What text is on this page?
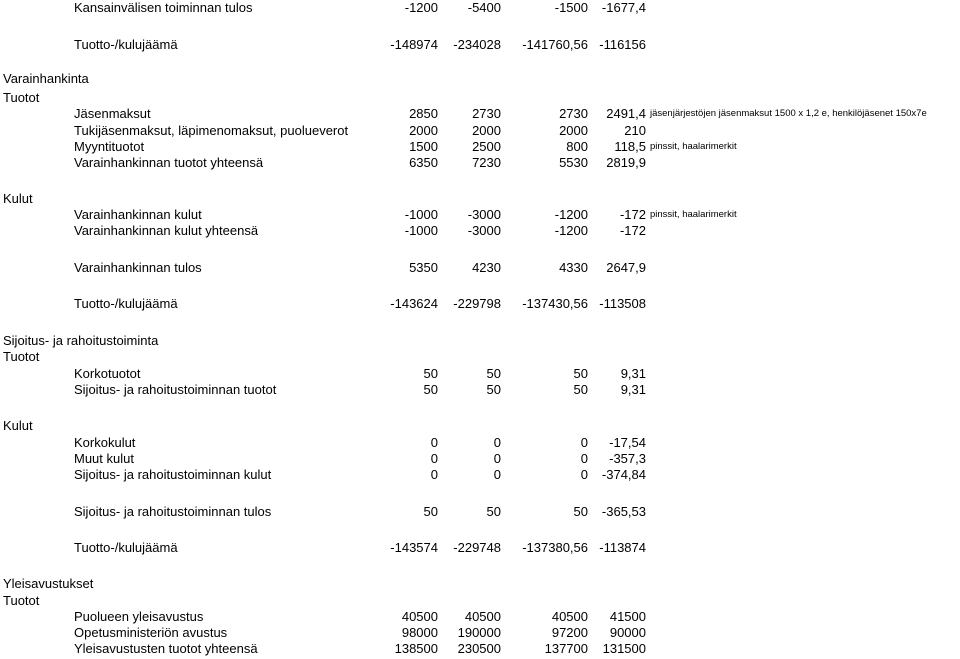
Kansainvälisen toiminnan tulos	-1200	-5400	-1500	-1677,4
Tuotto-/kulujäämä	-148974	-234028	-141760,56 -116156
Varainhankinta
Tuotot
Jäsenmaksut	2850	2730	2730	2491,4 jäsenjärjestöjen jäsenmaksut 1500 x 1,2 e, henkilöjäsenet 150x7e
Tukijäsenmaksut, läpimenomaksut, puolueverot	2000	2000	2000	210
Myyntituotot	1500	2500	800	118,5 pinssit, haalarimerkit
Varainhankinnan tuotot yhteensä	6350	7230	5530	2819,9
Kulut
Varainhankinnan kulut	-1000	-3000	-1200	-172 pinssit, haalarimerkit
Varainhankinnan kulut yhteensä	-1000	-3000	-1200	-172
Varainhankinnan tulos	5350	4230	4330	2647,9
Tuotto-/kulujäämä	-143624	-229798	-137430,56 -113508
Sijoitus- ja rahoitustoiminta
Tuotot
Korkotuotot	50	50	50	9,31
Sijoitus- ja rahoitustoiminnan tuotot	50	50	50	9,31
Kulut
Korkokulut	0	0	0	-17,54
Muut kulut	0	0	0	-357,3
Sijoitus- ja rahoitustoiminnan kulut	0	0	0	-374,84
Sijoitus- ja rahoitustoiminnan tulos	50	50	50	-365,53
Tuotto-/kulujäämä	-143574	-229748	-137380,56 -113874
Yleisavustukset
Tuotot
Puolueen yleisavustus	40500	40500	40500	41500
Opetusministeriön avustus	98000	190000	97200	90000
Yleisavustusten tuotot yhteensä	138500	230500	137700	131500
